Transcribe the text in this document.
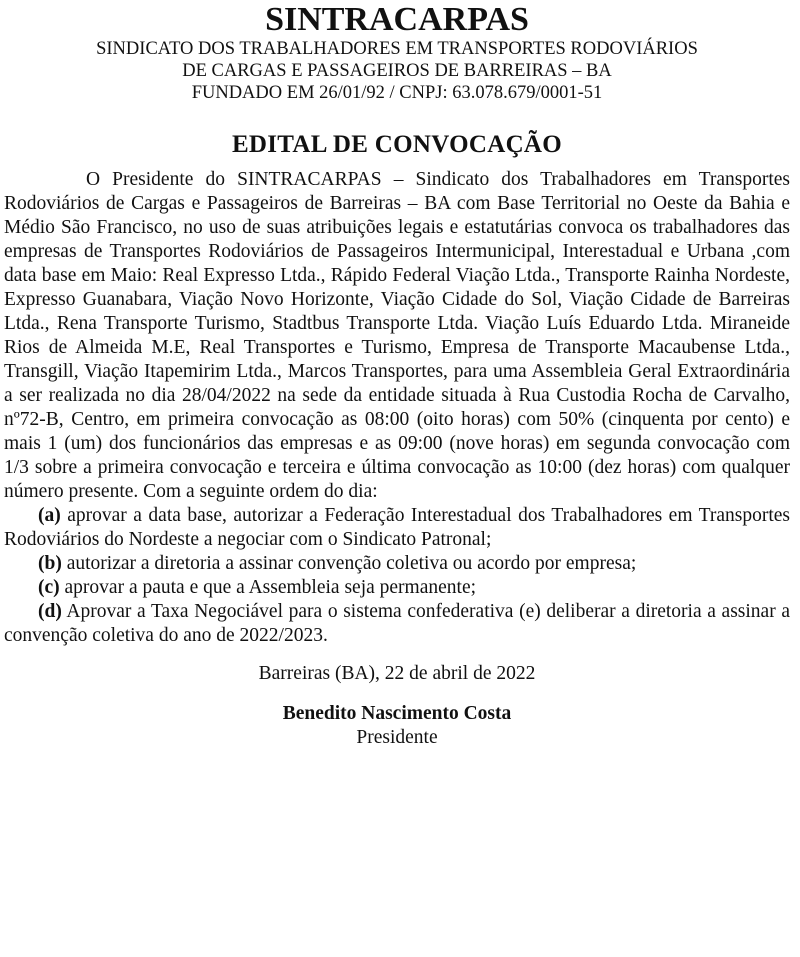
SINTRACARPAS
SINDICATO DOS TRABALHADORES EM TRANSPORTES RODOVIÁRIOS
DE CARGAS E PASSAGEIROS DE BARREIRAS – BA
FUNDADO EM 26/01/92 / CNPJ: 63.078.679/0001-51
EDITAL DE CONVOCAÇÃO

O Presidente do SINTRACARPAS – Sindicato dos Trabalhadores em Transportes Rodoviários de Cargas e Passageiros de Barreiras – BA com Base Territorial no Oeste da Bahia e Médio São Francisco, no uso de suas atribuições legais e estatutárias convoca os trabalhadores das empresas de Transportes Rodoviários de Passageiros Intermunicipal, Interestadual e Urbana ,com data base em Maio: Real Expresso Ltda., Rápido Federal Viação Ltda., Transporte Rainha Nordeste, Expresso Guanabara, Viação Novo Horizonte, Viação Cidade do Sol, Viação Cidade de Barreiras Ltda., Rena Transporte Turismo, Stadtbus Transporte Ltda. Viação Luís Eduardo Ltda. Miraneide Rios de Almeida M.E, Real Transportes e Turismo, Empresa de Transporte Macaubense Ltda., Transgill, Viação Itapemirim Ltda., Marcos Transportes, para uma Assembleia Geral Extraordinária a ser realizada no dia 28/04/2022 na sede da entidade situada à Rua Custodia Rocha de Carvalho, nº72-B, Centro, em primeira convocação as 08:00 (oito horas) com 50% (cinquenta por cento) e mais 1 (um) dos funcionários das empresas e as 09:00 (nove horas) em segunda convocação com 1/3 sobre a primeira convocação e terceira e última convocação as 10:00 (dez horas) com qualquer número presente. Com a seguinte ordem do dia:

(a) aprovar a data base, autorizar a Federação Interestadual dos Trabalhadores em Transportes Rodoviários do Nordeste a negociar com o Sindicato Patronal;

(b) autorizar a diretoria a assinar convenção coletiva ou acordo por empresa;

(c) aprovar a pauta e que a Assembleia seja permanente;

(d) Aprovar a Taxa Negociável para o sistema confederativa (e) deliberar a diretoria a assinar a convenção coletiva do ano de 2022/2023.

Barreiras (BA), 22 de abril de 2022
Benedito Nascimento Costa
Presidente
